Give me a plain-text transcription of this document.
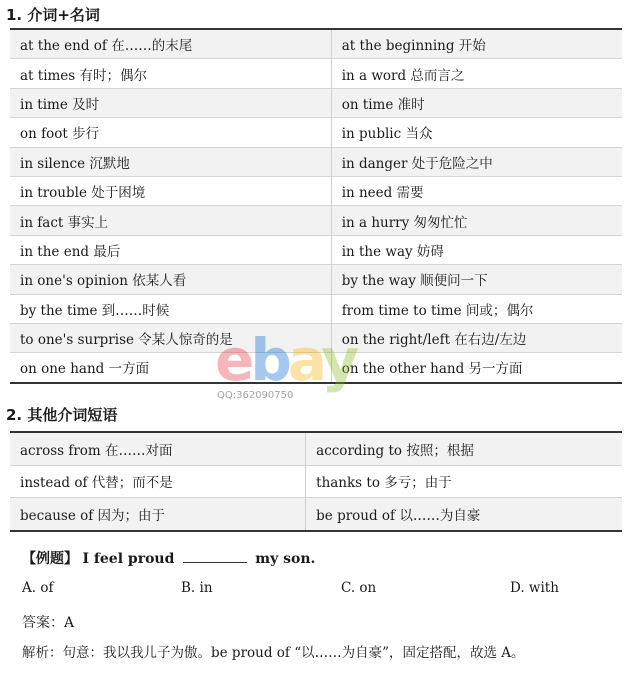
1. 介词+名词
at the end of 在……的末尾	at the beginning 开始
at times 有时；偶尔	in a word 总而言之
in time 及时	on time 准时
on foot 步行	in public 当众
in silence 沉默地	in danger 处于危险之中
in trouble 处于困境	in need 需要
in fact 事实上	in a hurry 匆匆忙忙
in the end 最后	in the way 妨碍
in one's opinion 依某人看	by the way 顺便问一下
by the time 到……时候	from time to time 间或；偶尔
to one's surprise 令某人惊奇的是	on the right/left 在右边/左边
on one hand 一方面	on the other hand 另一方面
2. 其他介词短语
across from 在……对面	according to 按照；根据
instead of 代替；而不是	thanks to 多亏；由于
because of 因为；由于	be proud of 以……为自豪
ebay
QQ:362090750
【例题】 I feel proud	my son.
A. of	B. in	C. on	D. with
答案：A
解析：句意：我以我儿子为傲。be proud of “以……为自豪”，固定搭配，故选 A。
